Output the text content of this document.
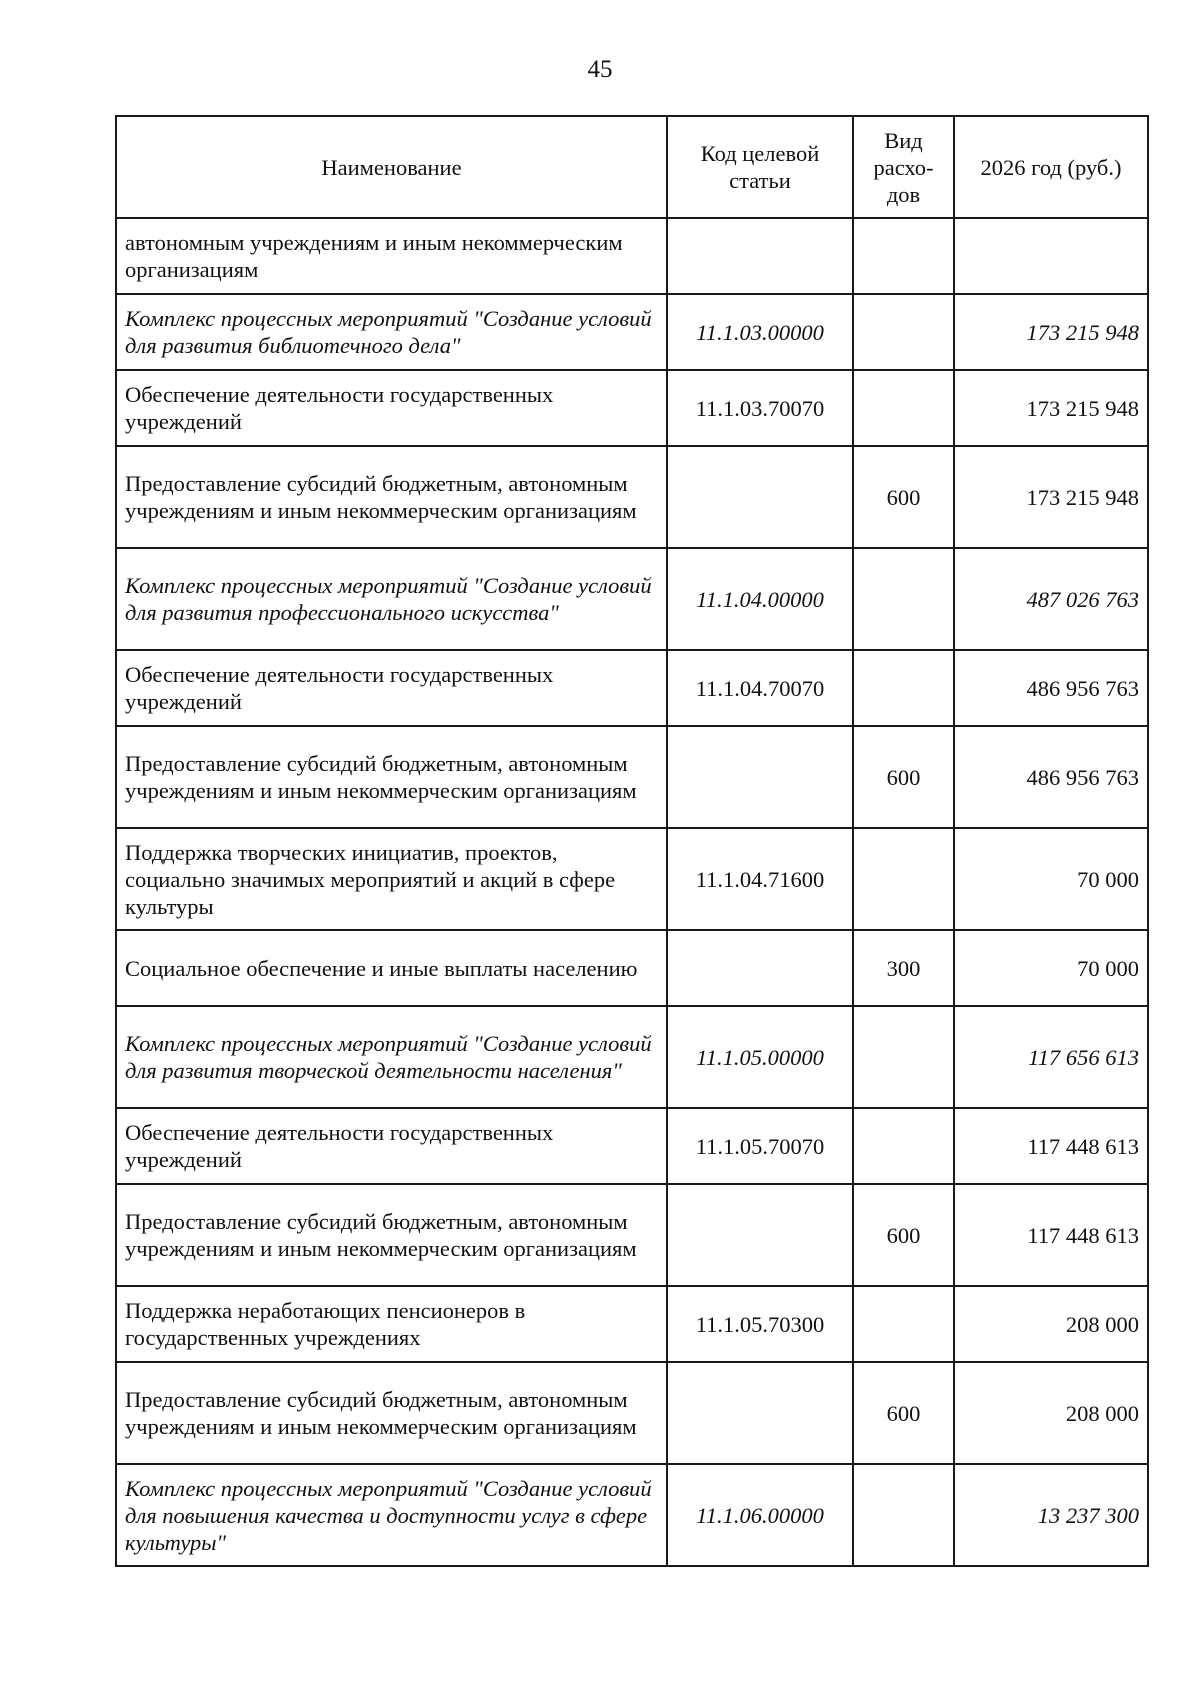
45
Наименование	Код целевой статьи	Вид расхо-дов	2026 год (руб.)
автономным учреждениям и иным некоммерческим организациям			
Комплекс процессных мероприятий "Создание условий для развития библиотечного дела"	11.1.03.00000		173 215 948
Обеспечение деятельности государственных учреждений	11.1.03.70070		173 215 948
Предоставление субсидий бюджетным, автономным учреждениям и иным некоммерческим организациям		600	173 215 948
Комплекс процессных мероприятий "Создание условий для развития профессионального искусства"	11.1.04.00000		487 026 763
Обеспечение деятельности государственных учреждений	11.1.04.70070		486 956 763
Предоставление субсидий бюджетным, автономным учреждениям и иным некоммерческим организациям		600	486 956 763
Поддержка творческих инициатив, проектов, социально значимых мероприятий и акций в сфере культуры	11.1.04.71600		70 000
Социальное обеспечение и иные выплаты населению		300	70 000
Комплекс процессных мероприятий "Создание условий для развития творческой деятельности населения"	11.1.05.00000		117 656 613
Обеспечение деятельности государственных учреждений	11.1.05.70070		117 448 613
Предоставление субсидий бюджетным, автономным учреждениям и иным некоммерческим организациям		600	117 448 613
Поддержка неработающих пенсионеров в государственных учреждениях	11.1.05.70300		208 000
Предоставление субсидий бюджетным, автономным учреждениям и иным некоммерческим организациям		600	208 000
Комплекс процессных мероприятий "Создание условий для повышения качества и доступности услуг в сфере культуры"	11.1.06.00000		13 237 300
